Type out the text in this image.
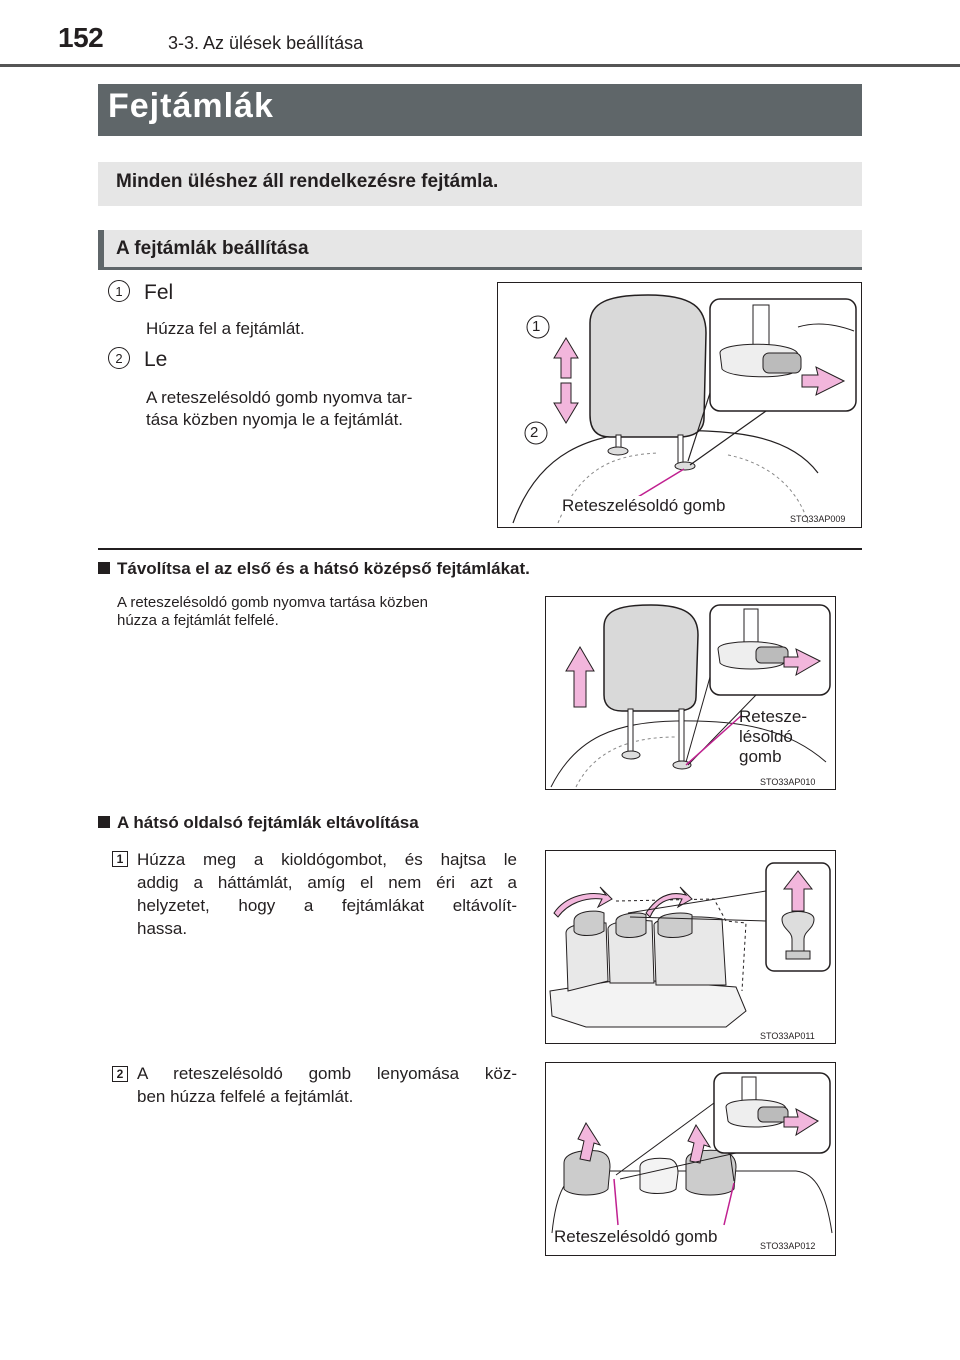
152	3-3. Az ülések beállítása
Fejtámlák
Minden üléshez áll rendelkezésre fejtámla.
A fejtámlák beállítása
1	Fel
Húzza fel a fejtámlát.
2	Le
A reteszelésoldó gomb nyomva tar-
tása közben nyomja le a fejtámlát.
1
2
Reteszelésoldó gomb
STO33AP009
Távolítsa el az első és a hátsó középső fejtámlákat.
A reteszelésoldó gomb nyomva tartása közben
húzza a fejtámlát felfelé.
Retesze-
lésoldó
gomb
STO33AP010
A hátsó oldalsó fejtámlák eltávolítása
1 Húzza meg a kioldógombot, és hajtsa le
addig a háttámlát, amíg el nem éri azt a
helyzetet, hogy a fejtámlákat eltávolít-
hassa.
STO33AP011
2 A reteszelésoldó gomb lenyomása köz-
ben húzza felfelé a fejtámlát.
Reteszelésoldó gomb	STO33AP012
